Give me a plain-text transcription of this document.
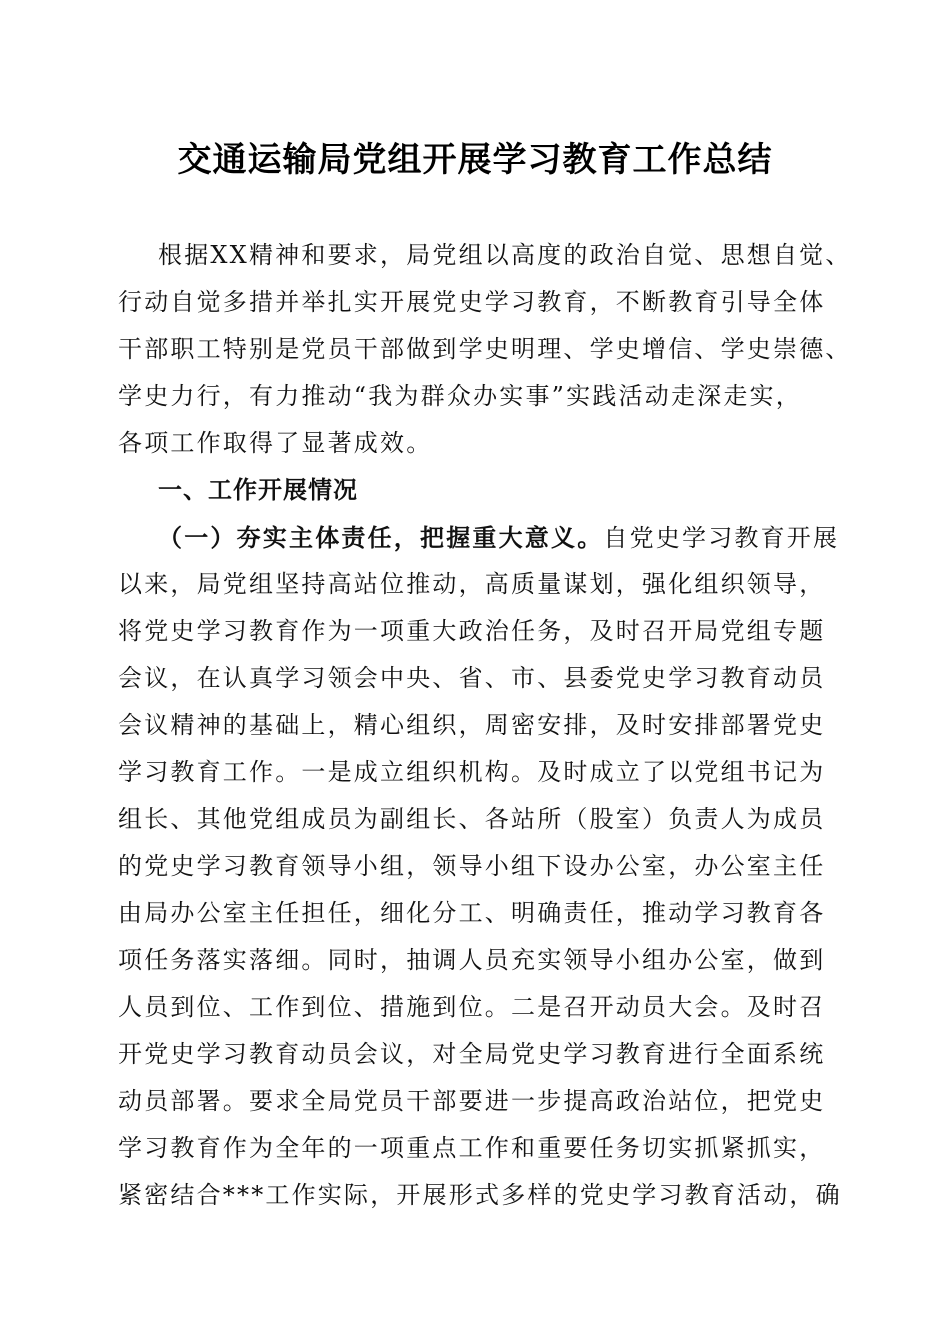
交通运输局党组开展学习教育工作总结
根据XX精神和要求，局党组以高度的政治自觉、思想自觉、
行动自觉多措并举扎实开展党史学习教育，不断教育引导全体
干部职工特别是党员干部做到学史明理、学史增信、学史崇德、
学史力行，有力推动“我为群众办实事”实践活动走深走实，
各项工作取得了显著成效。
一、工作开展情况
（一）夯实主体责任，把握重大意义。自党史学习教育开展
以来，局党组坚持高站位推动，高质量谋划，强化组织领导，
将党史学习教育作为一项重大政治任务，及时召开局党组专题
会议，在认真学习领会中央、省、市、县委党史学习教育动员
会议精神的基础上，精心组织，周密安排，及时安排部署党史
学习教育工作。一是成立组织机构。及时成立了以党组书记为
组长、其他党组成员为副组长、各站所（股室）负责人为成员
的党史学习教育领导小组，领导小组下设办公室，办公室主任
由局办公室主任担任，细化分工、明确责任，推动学习教育各
项任务落实落细。同时，抽调人员充实领导小组办公室，做到
人员到位、工作到位、措施到位。二是召开动员大会。及时召
开党史学习教育动员会议，对全局党史学习教育进行全面系统
动员部署。要求全局党员干部要进一步提高政治站位，把党史
学习教育作为全年的一项重点工作和重要任务切实抓紧抓实，
紧密结合***工作实际，开展形式多样的党史学习教育活动，确
